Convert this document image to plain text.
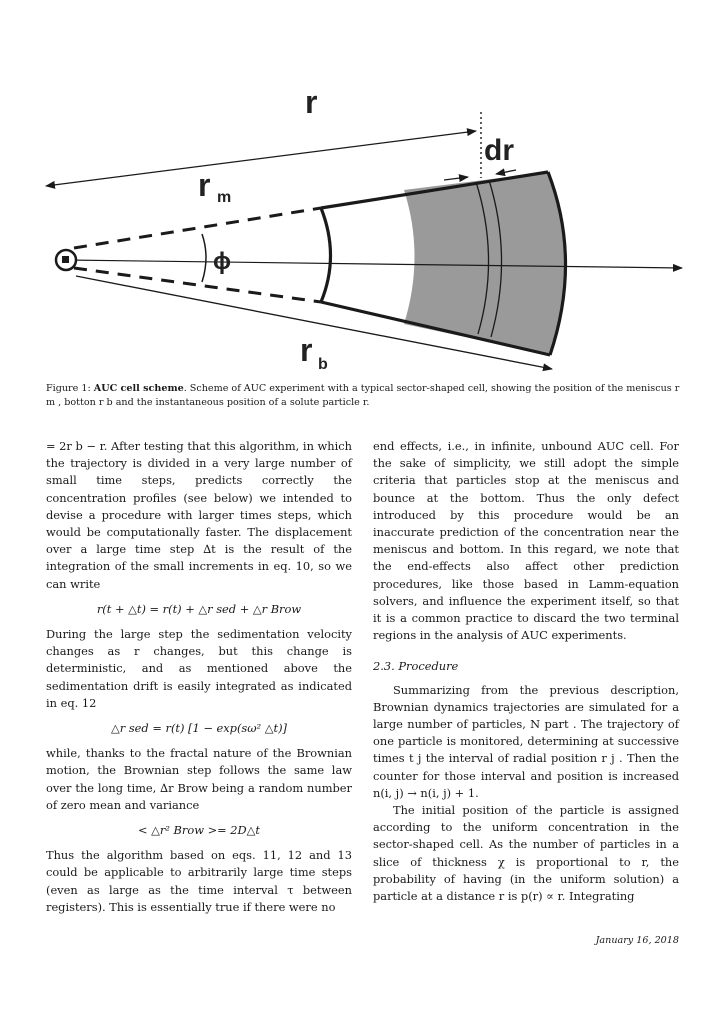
ϕ
r
dr
r m
r b
Figure 1: AUC cell scheme. Scheme of AUC experiment with a typical sector-shaped cell, showing the position of the meniscus r m , botton r b and the instantaneous position of a solute particle r.

= 2r b − r. After testing that this algorithm, in which the trajectory is divided in a very large number of small time steps, predicts correctly the concentration profiles (see below) we intended to devise a procedure with larger times steps, which would be computationally faster. The displacement over a large time step ∆t is the result of the integration of the small increments in eq. 10, so we can write

r(t + △t) = r(t) + △r sed + △r Brow

During the large step the sedimentation velocity changes as r changes, but this change is deterministic, and as mentioned above the sedimentation drift is easily integrated as indicated in eq. 12

△r sed = r(t) [1 − exp(sω² △t)]

while, thanks to the fractal nature of the Brownian motion, the Brownian step follows the same law over the long time, ∆r Brow being a random number of zero mean and variance

< △r² Brow >= 2D△t

Thus the algorithm based on eqs. 11, 12 and 13 could be applicable to arbitrarily large time steps (even as large as the time interval τ between registers). This is essentially true if there were no

end effects, i.e., in infinite, unbound AUC cell. For the sake of simplicity, we still adopt the simple criteria that particles stop at the meniscus and bounce at the bottom. Thus the only defect introduced by this procedure would be an inaccurate prediction of the concentration near the meniscus and bottom. In this regard, we note that the end-effects also affect other prediction procedures, like those based in Lamm-equation solvers, and influence the experiment itself, so that it is a common practice to discard the two terminal regions in the analysis of AUC experiments.

2.3. Procedure

Summarizing from the previous description, Brownian dynamics trajectories are simulated for a large number of particles, N part . The trajectory of one particle is monitored, determining at successive times t j the interval of radial position r j . Then the counter for those interval and position is increased n(i, j) → n(i, j) + 1.

The initial position of the particle is assigned according to the uniform concentration in the sector-shaped cell. As the number of particles in a slice of thickness χ is proportional to r, the probability of having (in the uniform solution) a particle at a distance r is p(r) ∝ r. Integrating

January 16, 2018
